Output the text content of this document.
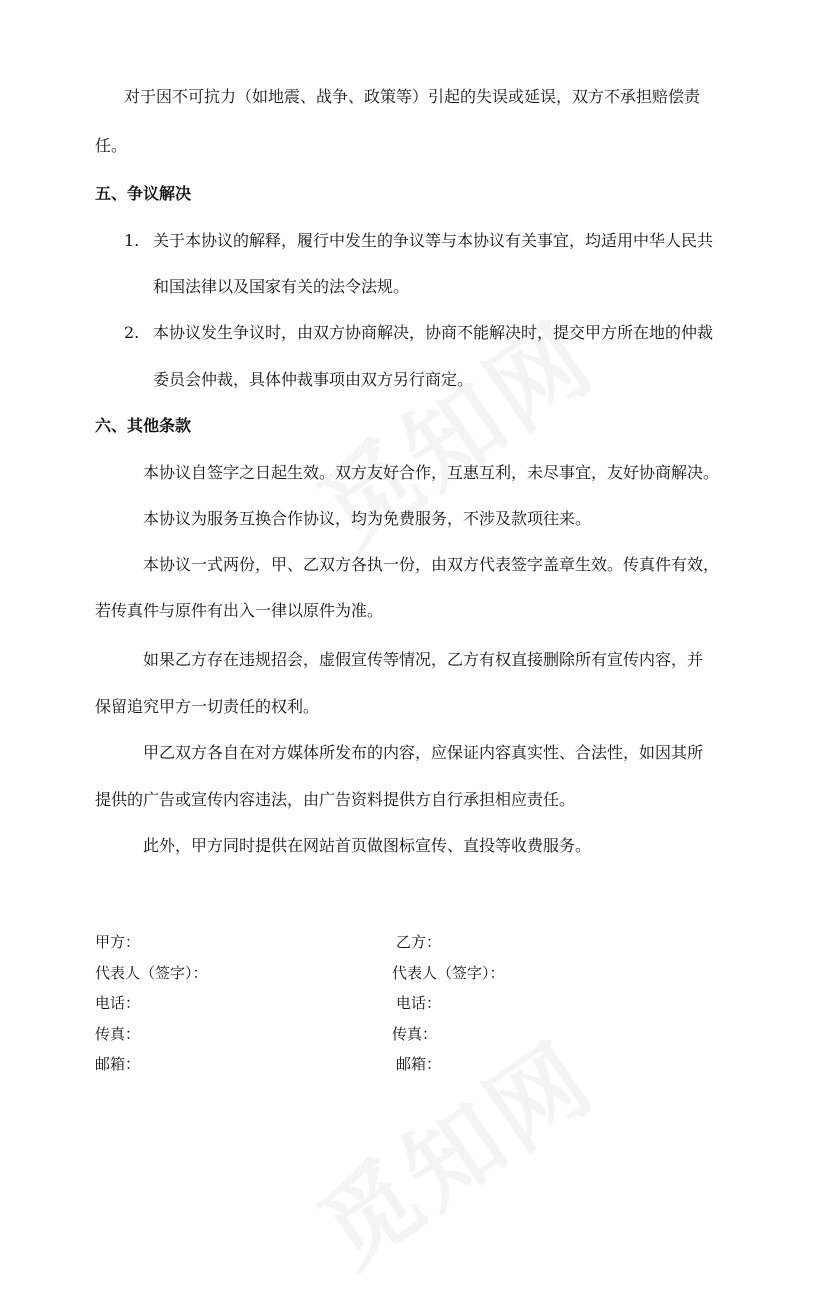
对于因不可抗力（如地震、战争、政策等）引起的失误或延误，双方不承担赔偿责
任。
五、争议解决
1. 关于本协议的解释，履行中发生的争议等与本协议有关事宜，均适用中华人民共
和国法律以及国家有关的法令法规。
2. 本协议发生争议时，由双方协商解决，协商不能解决时，提交甲方所在地的仲裁
委员会仲裁，具体仲裁事项由双方另行商定。
六、其他条款
本协议自签字之日起生效。双方友好合作，互惠互利，未尽事宜，友好协商解决。
本协议为服务互换合作协议，均为免费服务，不涉及款项往来。
本协议一式两份，甲、乙双方各执一份，由双方代表签字盖章生效。传真件有效，
若传真件与原件有出入一律以原件为准。
如果乙方存在违规招会，虚假宣传等情况，乙方有权直接删除所有宣传内容，并
保留追究甲方一切责任的权利。
甲乙双方各自在对方媒体所发布的内容，应保证内容真实性、合法性，如因其所
提供的广告或宣传内容违法，由广告资料提供方自行承担相应责任。
此外，甲方同时提供在网站首页做图标宣传、直投等收费服务。
甲方：
代表人（签字）：
电话：
传真：
邮箱：
乙方：
代表人（签字）：
电话：
传真：
邮箱：
